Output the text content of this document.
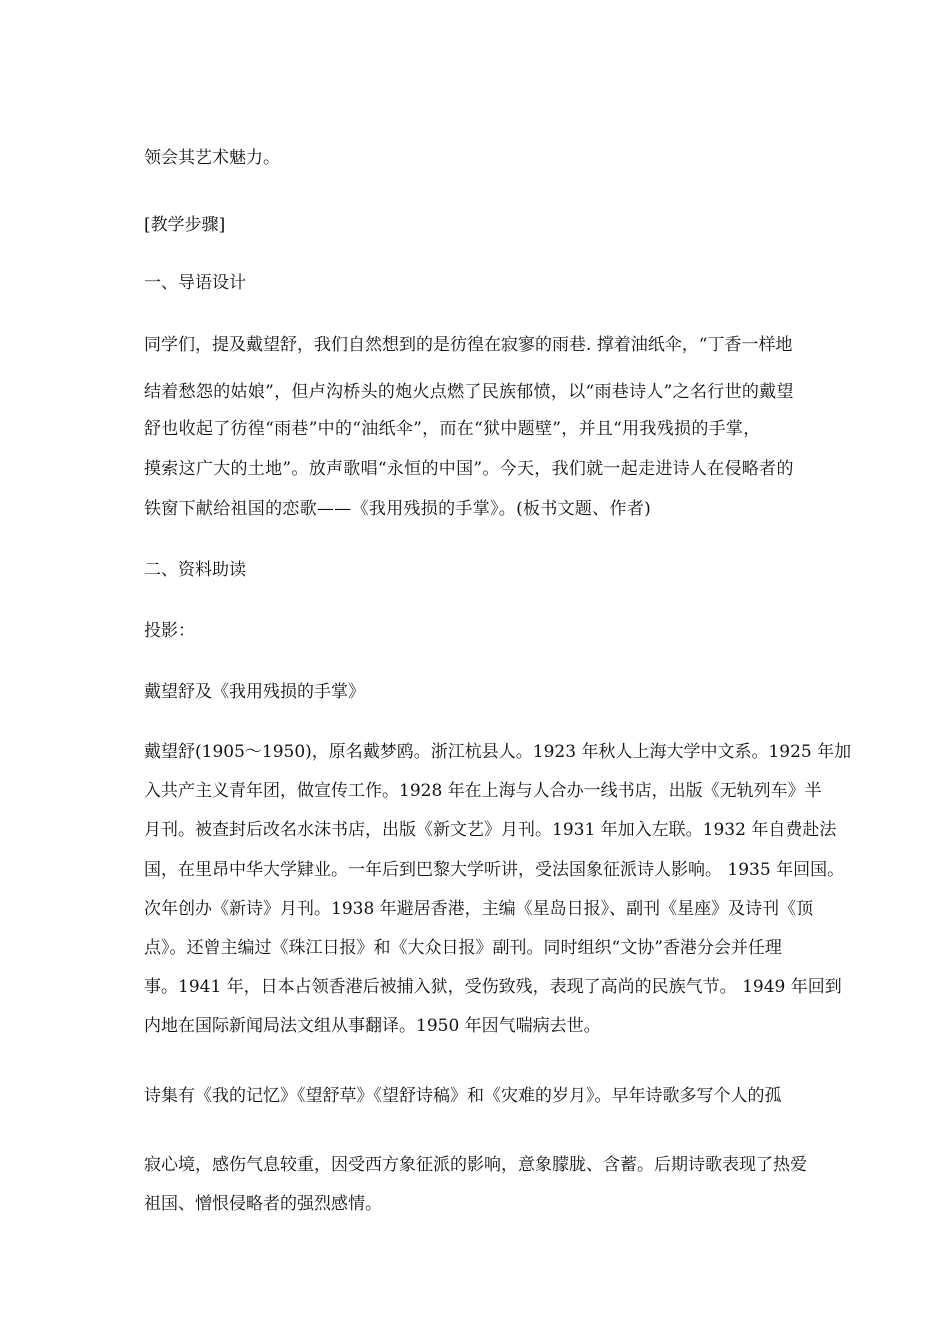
领会其艺术魅力。
[教学步骤]
一、导语设计
同学们，提及戴望舒，我们自然想到的是彷徨在寂寥的雨巷. 撑着油纸伞，“丁香一样地
结着愁怨的姑娘”，但卢沟桥头的炮火点燃了民族郁愤，以“雨巷诗人”之名行世的戴望
舒也收起了彷徨“雨巷”中的“油纸伞”，而在“狱中题壁”，并且“用我残损的手掌，
摸索这广大的土地”。放声歌唱“永恒的中国”。今天，我们就一起走进诗人在侵略者的
铁窗下献给祖国的恋歌——《我用残损的手掌》。(板书文题、作者)
二、资料助读
投影：
戴望舒及《我用残损的手掌》
戴望舒(1905～1950)，原名戴梦鸥。浙江杭县人。1923 年秋人上海大学中文系。1925 年加
入共产主义青年团，做宣传工作。1928 年在上海与人合办一线书店，出版《无轨列车》半
月刊。被查封后改名水沫书店，出版《新文艺》月刊。1931 年加入左联。1932 年自费赴法
国，在里昂中华大学肄业。一年后到巴黎大学听讲，受法国象征派诗人影响。 1935 年回国。
次年创办《新诗》月刊。1938 年避居香港，主编《星岛日报》、副刊《星座》及诗刊《顶
点》。还曾主编过《珠江日报》和《大众日报》副刊。同时组织“文协”香港分会并任理
事。1941 年，日本占领香港后被捕入狱，受伤致残，表现了高尚的民族气节。 1949 年回到
内地在国际新闻局法文组从事翻译。1950 年因气喘病去世。
诗集有《我的记忆》《望舒草》《望舒诗稿》和《灾难的岁月》。早年诗歌多写个人的孤
寂心境，感伤气息较重，因受西方象征派的影响，意象朦胧、含蓄。后期诗歌表现了热爱
祖国、憎恨侵略者的强烈感情。
